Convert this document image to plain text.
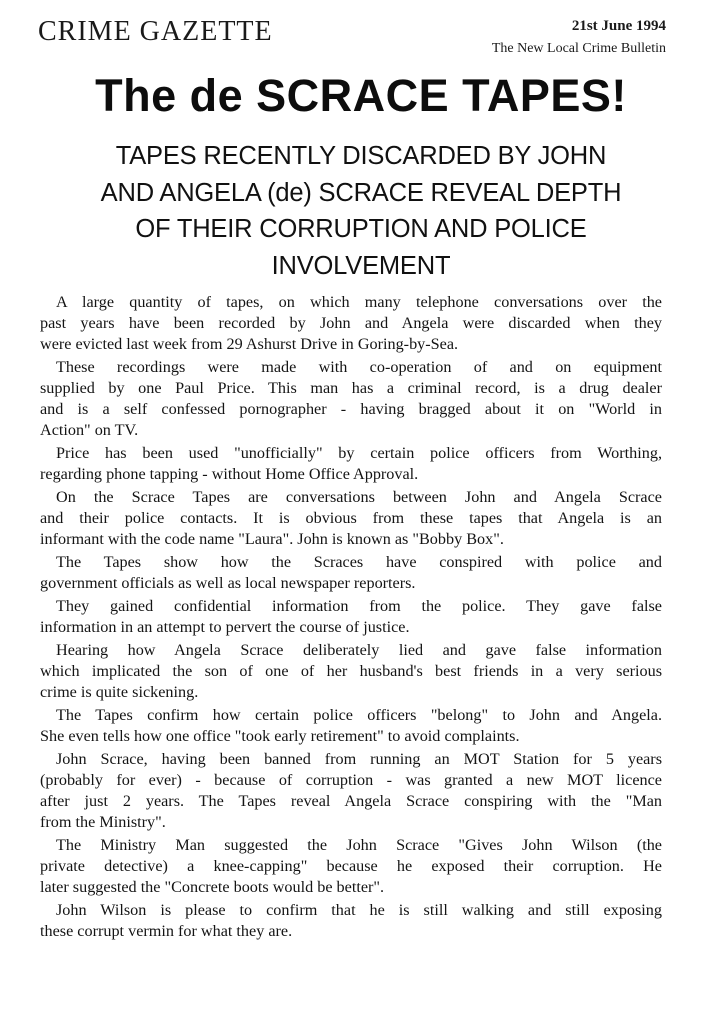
CRIME GAZETTE	21st June 1994
The New Local Crime Bulletin
The de SCRACE TAPES!
TAPES RECENTLY DISCARDED BY JOHN
AND ANGELA (de) SCRACE REVEAL DEPTH
OF THEIR CORRUPTION AND POLICE
INVOLVEMENT
A large quantity of tapes, on which many telephone conversations over the
past years have been recorded by John and Angela were discarded when they
were evicted last week from 29 Ashurst Drive in Goring-by-Sea.
These recordings were made with co-operation of and on equipment
supplied by one Paul Price. This man has a criminal record, is a drug dealer
and is a self confessed pornographer - having bragged about it on "World in
Action" on TV.
Price has been used "unofficially" by certain police officers from Worthing,
regarding phone tapping - without Home Office Approval.
On the Scrace Tapes are conversations between John and Angela Scrace
and their police contacts. It is obvious from these tapes that Angela is an
informant with the code name "Laura". John is known as "Bobby Box".
The Tapes show how the Scraces have conspired with police and
government officials as well as local newspaper reporters.
They gained confidential information from the police. They gave false
information in an attempt to pervert the course of justice.
Hearing how Angela Scrace deliberately lied and gave false information
which implicated the son of one of her husband's best friends in a very serious
crime is quite sickening.
The Tapes confirm how certain police officers "belong" to John and Angela.
She even tells how one office "took early retirement" to avoid complaints.
John Scrace, having been banned from running an MOT Station for 5 years
(probably for ever) - because of corruption - was granted a new MOT licence
after just 2 years. The Tapes reveal Angela Scrace conspiring with the "Man
from the Ministry".
The Ministry Man suggested the John Scrace "Gives John Wilson (the
private detective) a knee-capping" because he exposed their corruption. He
later suggested the "Concrete boots would be better".
John Wilson is please to confirm that he is still walking and still exposing
these corrupt vermin for what they are.
